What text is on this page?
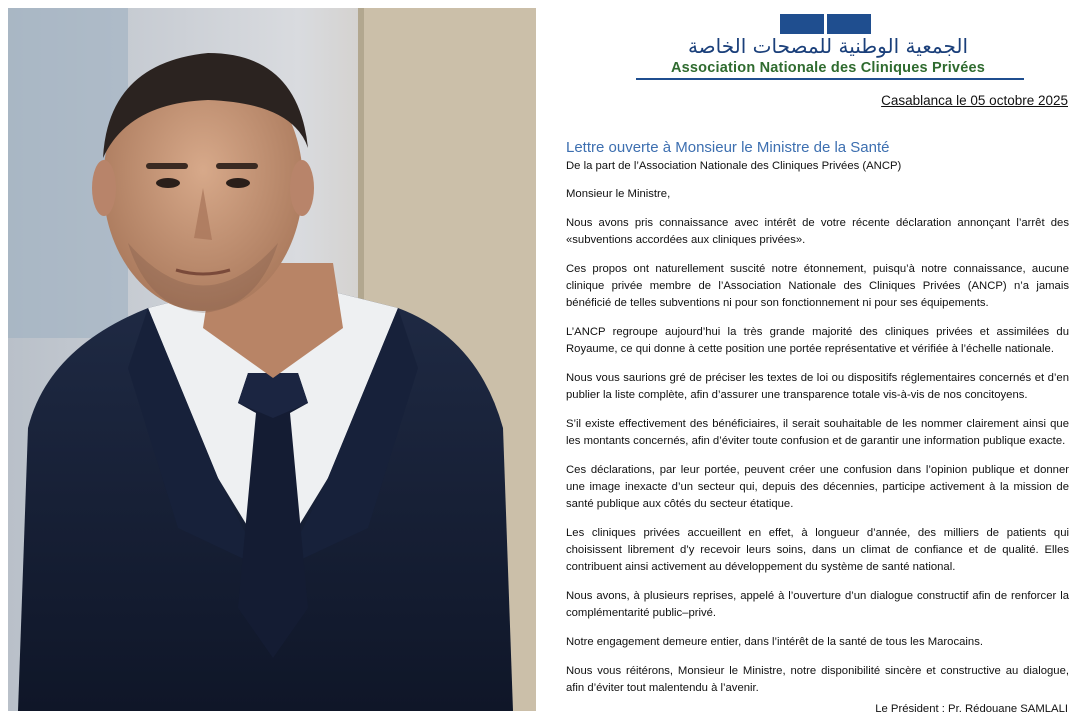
الجمعية الوطنية للمصحات الخاصة
Association Nationale des Cliniques Privées
Casablanca le 05 octobre 2025
Lettre ouverte à Monsieur le Ministre de la Santé
De la part de l’Association Nationale des Cliniques Privées (ANCP)

Monsieur le Ministre,

Nous avons pris connaissance avec intérêt de votre récente déclaration annonçant l’arrêt des «subventions accordées aux cliniques privées».

Ces propos ont naturellement suscité notre étonnement, puisqu’à notre connaissance, aucune clinique privée membre de l’Association Nationale des Cliniques Privées (ANCP) n’a jamais bénéficié de telles subventions ni pour son fonctionnement ni pour ses équipements.

L’ANCP regroupe aujourd’hui la très grande majorité des cliniques privées et assimilées du Royaume, ce qui donne à cette position une portée représentative et vérifiée à l’échelle nationale.

Nous vous saurions gré de préciser les textes de loi ou dispositifs réglementaires concernés et d’en publier la liste complète, afin d’assurer une transparence totale vis-à-vis de nos concitoyens.

S’il existe effectivement des bénéficiaires, il serait souhaitable de les nommer clairement ainsi que les montants concernés, afin d’éviter toute confusion et de garantir une information publique exacte.

Ces déclarations, par leur portée, peuvent créer une confusion dans l’opinion publique et donner une image inexacte d’un secteur qui, depuis des décennies, participe activement à la mission de santé publique aux côtés du secteur étatique.

Les cliniques privées accueillent en effet, à longueur d’année, des milliers de patients qui choisissent librement d’y recevoir leurs soins, dans un climat de confiance et de qualité. Elles contribuent ainsi activement au développement du système de santé national.

Nous avons, à plusieurs reprises, appelé à l’ouverture d’un dialogue constructif afin de renforcer la complémentarité public–privé.

Notre engagement demeure entier, dans l’intérêt de la santé de tous les Marocains.

Nous vous réitérons, Monsieur le Ministre, notre disponibilité sincère et constructive au dialogue, afin d’éviter tout malentendu à l’avenir.

Le Président : Pr. Rédouane SAMLALI
